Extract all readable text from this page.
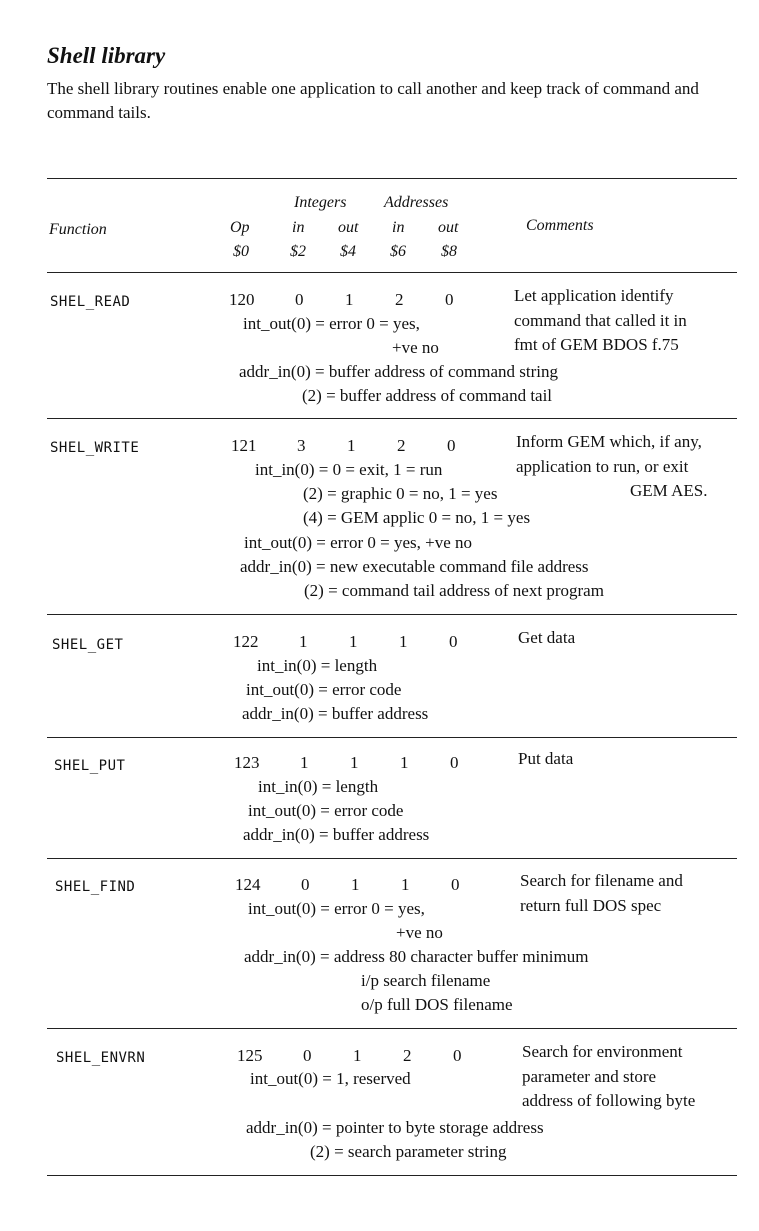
Shell library
The shell library routines enable one application to call another and keep track of command and command tails.
Integers Addresses
Function	Op	in out in out	Comments
$0	$2 $4 $6 $8
SHEL_READ	120 0 1 2 0	Let application identify
command that called it in
fmt of GEM BDOS f.75
int_out(0) = error 0 = yes,
+ve no
addr_in(0) = buffer address of command string
(2) = buffer address of command tail
SHEL_WRITE	121 3 1 2 0	Inform GEM which, if any,
application to run, or exit
GEM AES.
int_in(0) = 0 = exit, 1 = run
(2) = graphic 0 = no, 1 = yes
(4) = GEM applic 0 = no, 1 = yes
int_out(0) = error 0 = yes, +ve no
addr_in(0) = new executable command file address
(2) = command tail address of next program
SHEL_GET	122 1 1 1 0	Get data
int_in(0) = length
int_out(0) = error code
addr_in(0) = buffer address
SHEL_PUT	123 1 1 1 0	Put data
int_in(0) = length
int_out(0) = error code
addr_in(0) = buffer address
SHEL_FIND	124 0 1 1 0	Search for filename and
return full DOS spec
int_out(0) = error 0 = yes,
+ve no
addr_in(0) = address 80 character buffer minimum
i/p search filename
o/p full DOS filename
SHEL_ENVRN	125 0 1 2 0	Search for environment
parameter and store
address of following byte
int_out(0) = 1, reserved
addr_in(0) = pointer to byte storage address
(2) = search parameter string
